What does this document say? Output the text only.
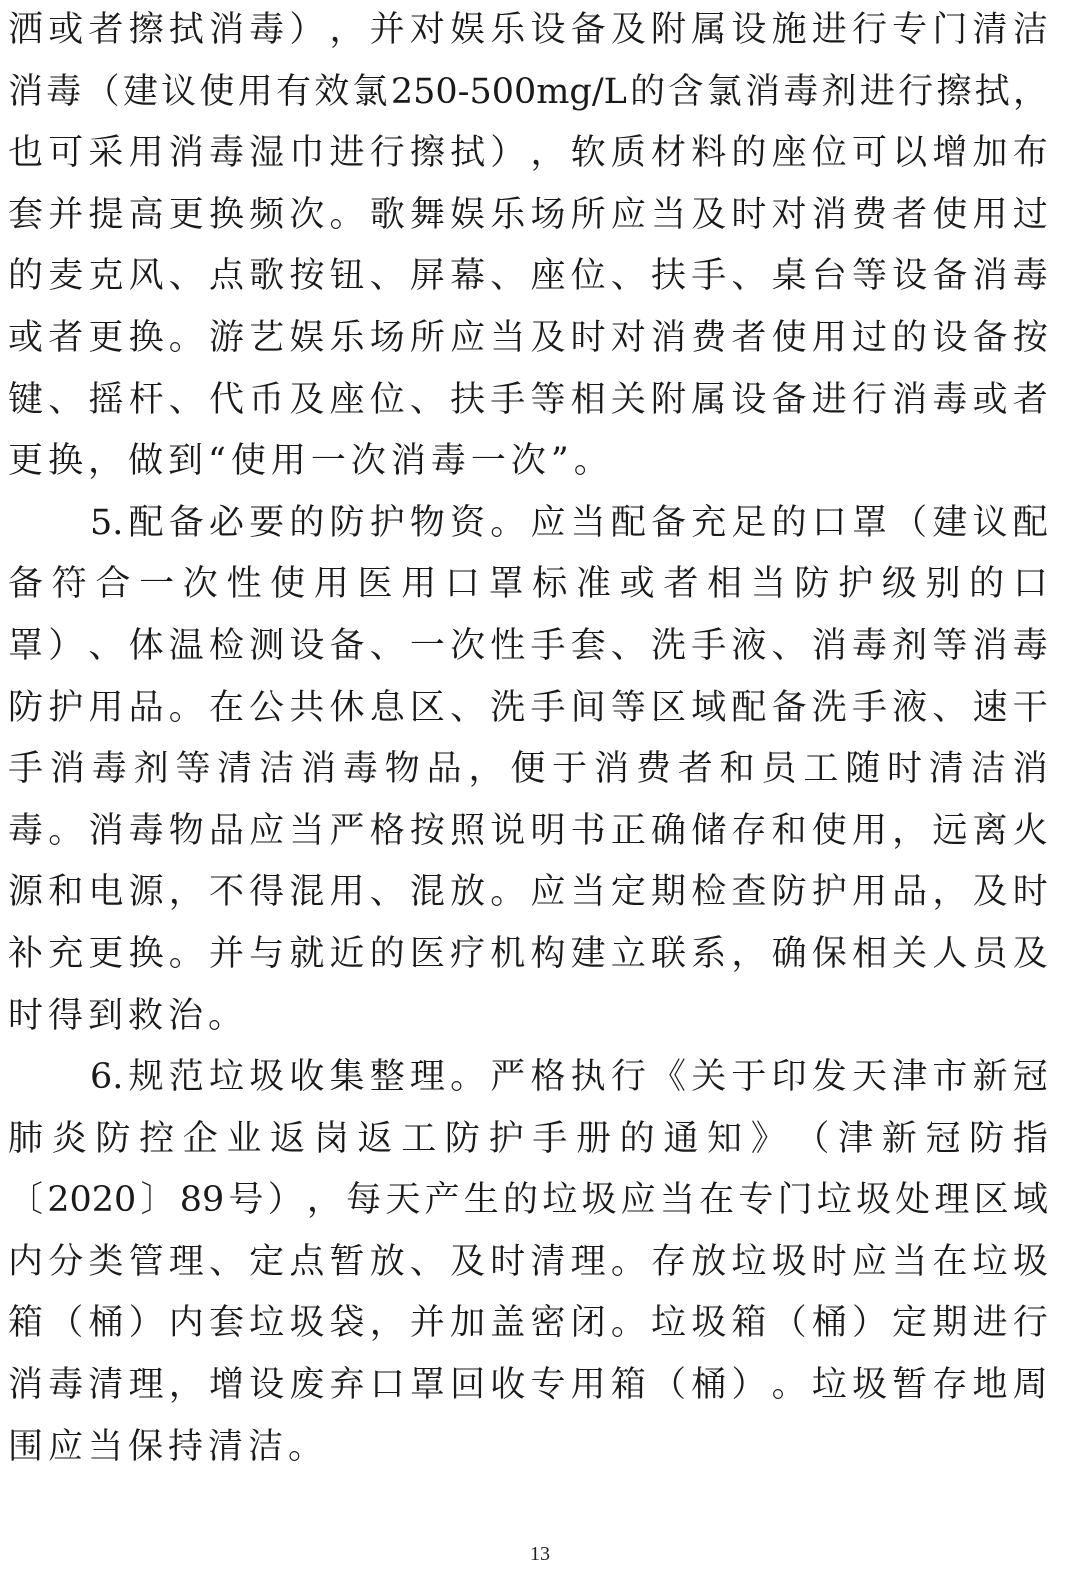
洒 或 者 擦 拭 消 毒 ） ， 并 对 娱 乐 设 备 及 附 属 设 施 进 行 专 门 清 洁
消 毒 （ 建 议 使 用 有 效 氯 250-500mg/L 的 含 氯 消 毒 剂 进 行 擦 拭 ，
也 可 采 用 消 毒 湿 巾 进 行 擦 拭 ） ， 软 质 材 料 的 座 位 可 以 增 加 布
套 并 提 高 更 换 频 次 。 歌 舞 娱 乐 场 所 应 当 及 时 对 消 费 者 使 用 过
的 麦 克 风 、 点 歌 按 钮 、 屏 幕 、 座 位 、 扶 手 、 桌 台 等 设 备 消 毒
或 者 更 换 。 游 艺 娱 乐 场 所 应 当 及 时 对 消 费 者 使 用 过 的 设 备 按
键 、 摇 杆 、 代 币 及 座 位 、 扶 手 等 相 关 附 属 设 备 进 行 消 毒 或 者
更换，做到“使用一次消毒一次”。
5. 配 备 必 要 的 防 护 物 资 。 应 当 配 备 充 足 的 口 罩 （ 建 议 配
备 符 合 一 次 性 使 用 医 用 口 罩 标 准 或 者 相 当 防 护 级 别 的 口
罩 ） 、 体 温 检 测 设 备 、 一 次 性 手 套 、 洗 手 液 、 消 毒 剂 等 消 毒
防 护 用 品 。 在 公 共 休 息 区 、 洗 手 间 等 区 域 配 备 洗 手 液 、 速 干
手 消 毒 剂 等 清 洁 消 毒 物 品 ， 便 于 消 费 者 和 员 工 随 时 清 洁 消
毒 。 消 毒 物 品 应 当 严 格 按 照 说 明 书 正 确 储 存 和 使 用 ， 远 离 火
源 和 电 源 ， 不 得 混 用 、 混 放 。 应 当 定 期 检 查 防 护 用 品 ， 及 时
补 充 更 换 。 并 与 就 近 的 医 疗 机 构 建 立 联 系 ， 确 保 相 关 人 员 及
时得到救治。
6. 规 范 垃 圾 收 集 整 理 。 严 格 执 行 《 关 于 印 发 天 津 市 新 冠
肺 炎 防 控 企 业 返 岗 返 工 防 护 手 册 的 通 知 》 （ 津 新 冠 防 指
〔 2020 〕 89 号 ） ， 每 天 产 生 的 垃 圾 应 当 在 专 门 垃 圾 处 理 区 域
内 分 类 管 理 、 定 点 暂 放 、 及 时 清 理 。 存 放 垃 圾 时 应 当 在 垃 圾
箱 （ 桶 ） 内 套 垃 圾 袋 ， 并 加 盖 密 闭 。 垃 圾 箱 （ 桶 ） 定 期 进 行
消 毒 清 理 ， 增 设 废 弃 口 罩 回 收 专 用 箱 （ 桶 ） 。 垃 圾 暂 存 地 周
围应当保持清洁。
13
